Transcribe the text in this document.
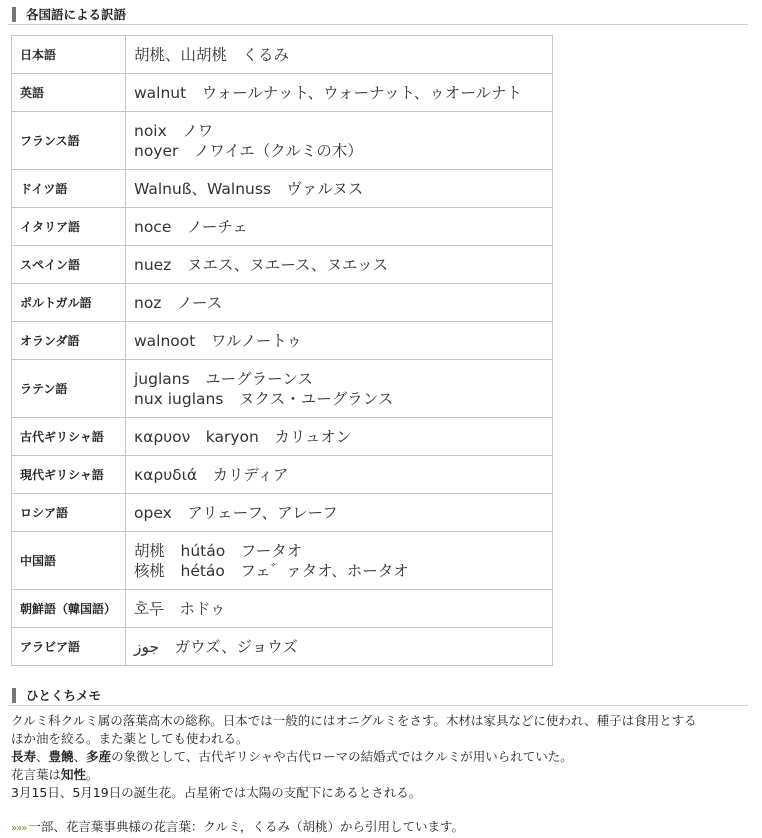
各国語による訳語
日本語	胡桃、山胡桃　くるみ

英語	walnut　ウォールナット、ウォーナット、ゥオールナト

フランス語	noix　ノワ
noyer　ノワイエ（クルミの木）

ドイツ語	Walnuß、Walnuss　ヴァルヌス

イタリア語	noce　ノーチェ

スペイン語	nuez　ヌエス、ヌエース、ヌエッス

ポルトガル語	noz　ノース

オランダ語	walnoot　ワルノートゥ

ラテン語	juglans　ユーグラーンス
nux iuglans　ヌクス・ユーグランス

古代ギリシャ語	καρυον　karyon　カリュオン

現代ギリシャ語	καρυδιά　カリディア

ロシア語	opex　アリェーフ、アレーフ

中国語	胡桃　hútáo　フータオ
核桃　hétáo　フェ゛ァタオ、ホータオ

朝鮮語（韓国語）	호두　ホドゥ

アラビア語	جوز　ガウズ、ジョウズ
ひとくちメモ

クルミ科クルミ属の落葉高木の総称。日本では一般的にはオニグルミをさす。木材は家具などに使われ、種子は食用とする

ほか油を絞る。また薬としても使われる。

長寿、豊饒、多産の象徴として、古代ギリシャや古代ローマの結婚式ではクルミが用いられていた。

花言葉は知性。

3月15日、5月19日の誕生花。占星術では太陽の支配下にあるとされる。

»»» 一部、花言葉事典様の花言葉：クルミ，くるみ（胡桃）から引用しています。
